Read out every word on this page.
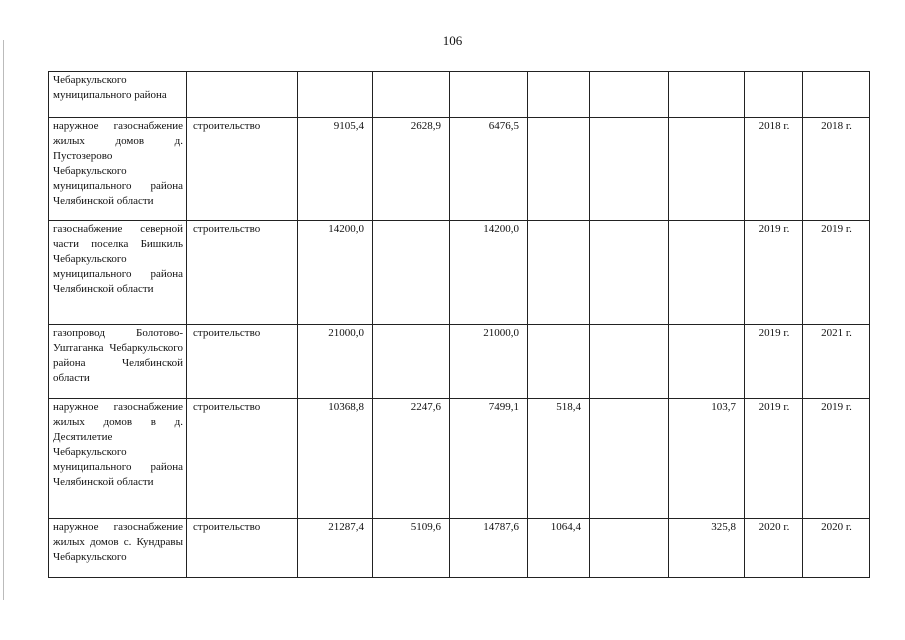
106
Чебаркульского муниципального района									
наружное газоснабжение жилых домов д. Пустозерово Чебаркульского муниципального района Челябинской области	строительство	9105,4	2628,9	6476,5				2018 г.	2018 г.
газоснабжение северной части поселка Бишкиль Чебаркульского муниципального района Челябинской области	строительство	14200,0		14200,0				2019 г.	2019 г.
газопровод Болотово-Уштаганка Чебаркульского района Челябинской области	строительство	21000,0		21000,0				2019 г.	2021 г.
наружное газоснабжение жилых домов в д. Десятилетие Чебаркульского муниципального района Челябинской области	строительство	10368,8	2247,6	7499,1	518,4		103,7	2019 г.	2019 г.
наружное газоснабжение жилых домов с. Кундравы Чебаркульского	строительство	21287,4	5109,6	14787,6	1064,4		325,8	2020 г.	2020 г.
